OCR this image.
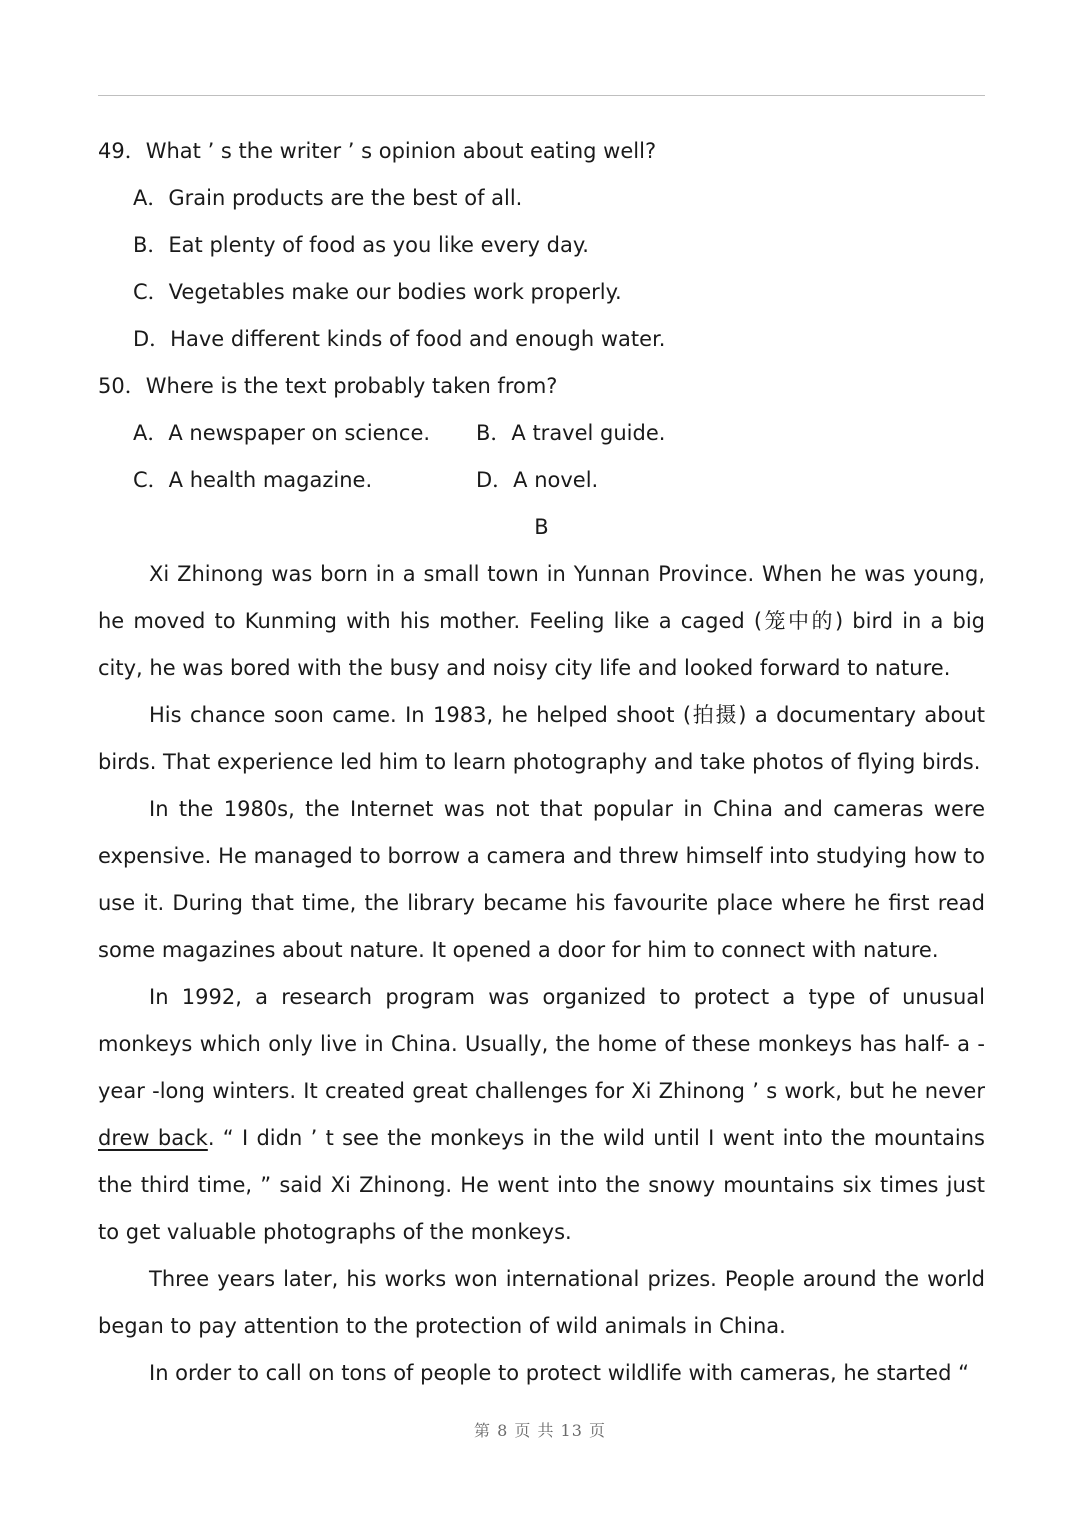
49．What ’ s the writer ’ s opinion about eating well?
A．Grain products are the best of all.
B．Eat plenty of food as you like every day.
C．Vegetables make our bodies work properly.
D．Have different kinds of food and enough water.
50．Where is the text probably taken from?
A．A newspaper on science.	B．A travel guide.
C．A health magazine.	D．A novel.
B
Xi Zhinong was born in a small town in Yunnan Province. When he was young, he moved to Kunming with his mother. Feeling like a caged (笼中的) bird in a big city, he was bored with the busy and noisy city life and looked forward to nature.
His chance soon came. In 1983, he helped shoot (拍摄) a documentary about birds. That experience led him to learn photography and take photos of flying birds.
In the 1980s, the Internet was not that popular in China and cameras were expensive. He managed to borrow a camera and threw himself into studying how to use it. During that time, the library became his favourite place where he first read some magazines about nature. It opened a door for him to connect with nature.
In 1992, a research program was organized to protect a type of unusual monkeys which only live in China. Usually, the home of these monkeys has half- a -year -long winters. It created great challenges for Xi Zhinong ’ s work, but he never drew back. “ I didn ’ t see the monkeys in the wild until I went into the mountains the third time, ” said Xi Zhinong. He went into the snowy mountains six times just to get valuable photographs of the monkeys.
Three years later, his works won international prizes. People around the world began to pay attention to the protection of wild animals in China.
In order to call on tons of people to protect wildlife with cameras, he started “
第 8 页 共 13 页
